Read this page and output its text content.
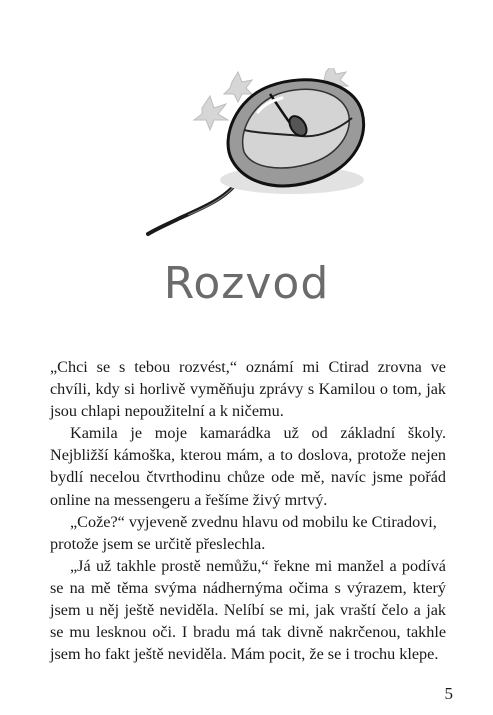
Rozvod

„Chci se s tebou rozvést,“ oznámí mi Ctirad zrovna ve chvíli, kdy si horlivě vyměňuju zprávy s Kamilou o tom, jak jsou chlapi nepoužitelní a k ničemu.

Kamila je moje kamarádka už od základní školy. Nejbližší kámoška, kterou mám, a to doslova, protože nejen bydlí necelou čtvrthodinu chůze ode mě, navíc jsme pořád online na messengeru a řešíme živý mrtvý.

„Cože?“ vyjeveně zvednu hlavu od mobilu ke Ctiradovi, protože jsem se určitě přeslechla.

„Já už takhle prostě nemůžu,“ řekne mi manžel a podívá se na mě těma svýma nádhernýma očima s výrazem, který jsem u něj ještě neviděla. Nelíbí se mi, jak vraští čelo a jak se mu lesknou oči. I bradu má tak divně nakrčenou, takhle jsem ho fakt ještě neviděla. Mám pocit, že se i trochu klepe.

5
